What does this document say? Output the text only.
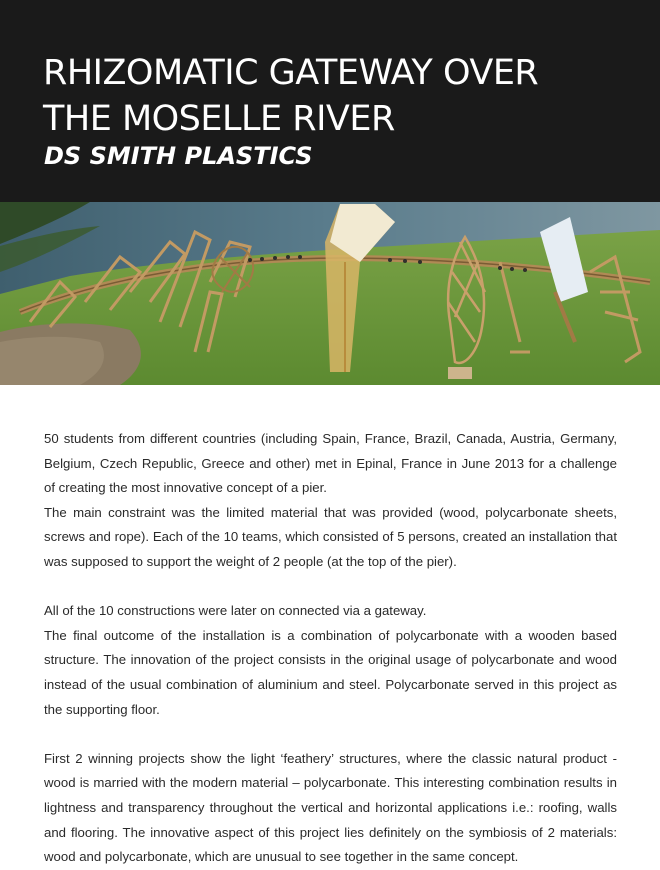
RHIZOMATIC GATEWAY OVER
THE MOSELLE RIVER
DS SMITH PLASTICS

50 students from different countries (including Spain, France, Brazil, Canada, Austria, Germany, Belgium, Czech Republic, Greece and other) met in Epinal, France in June 2013 for a challenge of creating the most innovative concept of a pier.

The main constraint was the limited material that was provided (wood, polycarbonate sheets, screws and rope). Each of the 10 teams, which consisted of 5 persons, created an installation that was supposed to support the weight of 2 people (at the top of the pier).

All of the 10 constructions were later on connected via a gateway.

The final outcome of the installation is a combination of polycarbonate with a wooden based structure. The innovation of the project consists in the original usage of polycarbonate and wood instead of the usual combination of aluminium and steel. Polycarbonate served in this project as the supporting floor.

First 2 winning projects show the light ‘feathery’ structures, where the classic natural product - wood is married with the modern material – polycarbonate. This interesting combination results in lightness and transparency throughout the vertical and horizontal applications i.e.: roofing, walls and flooring. The innovative aspect of this project lies definitely on the symbiosis of 2 materials: wood and polycarbonate, which are unusual to see together in the same concept.
